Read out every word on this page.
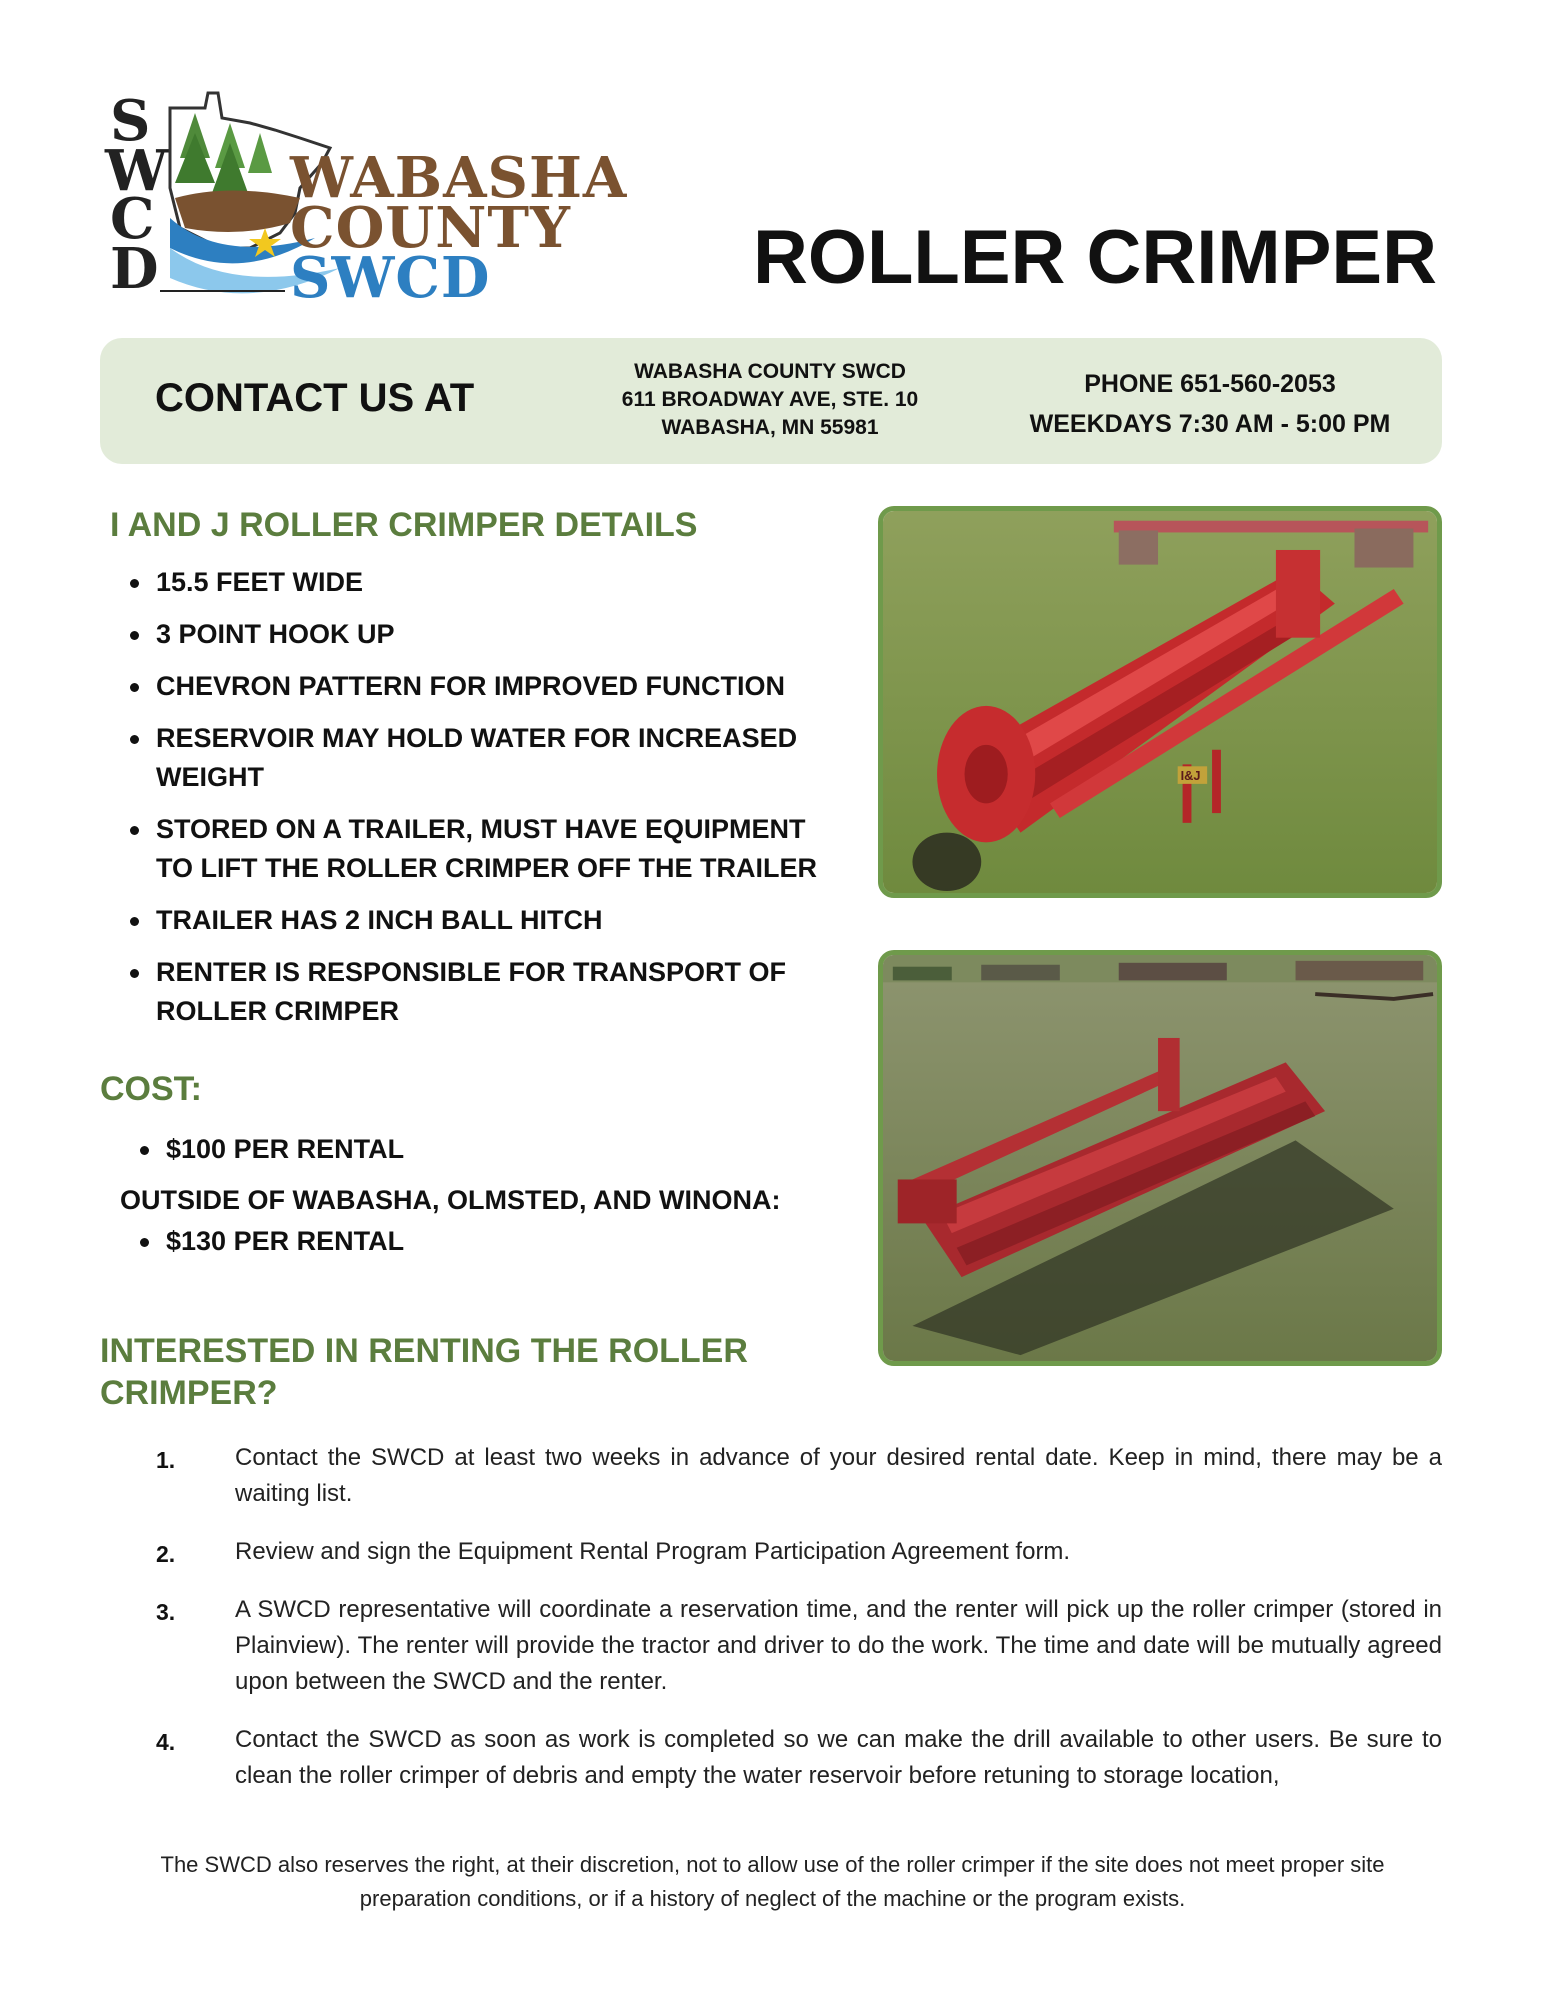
S
W
C
D
WABASHA
COUNTY
SWCD	ROLLER CRIMPER
CONTACT US AT
WABASHA COUNTY SWCD
611 BROADWAY AVE, STE. 10
WABASHA, MN 55981
PHONE 651-560-2053
WEEKDAYS 7:30 AM - 5:00 PM
I AND J ROLLER CRIMPER DETAILS
15.5 FEET WIDE
3 POINT HOOK UP
CHEVRON PATTERN FOR IMPROVED FUNCTION
RESERVOIR MAY HOLD WATER FOR INCREASED WEIGHT
STORED ON A TRAILER, MUST HAVE EQUIPMENT TO LIFT THE ROLLER CRIMPER OFF THE TRAILER
TRAILER HAS 2 INCH BALL HITCH
RENTER IS RESPONSIBLE FOR TRANSPORT OF ROLLER CRIMPER
COST:
$100 PER RENTAL
OUTSIDE OF WABASHA, OLMSTED, AND WINONA:
$130 PER RENTAL
INTERESTED IN RENTING THE ROLLER CRIMPER?
1. Contact the SWCD at least two weeks in advance of your desired rental date. Keep in mind, there may be a waiting list.
2. Review and sign the Equipment Rental Program Participation Agreement form.
3. A SWCD representative will coordinate a reservation time, and the renter will pick up the roller crimper (stored in Plainview). The renter will provide the tractor and driver to do the work. The time and date will be mutually agreed upon between the SWCD and the renter.
4. Contact the SWCD as soon as work is completed so we can make the drill available to other users. Be sure to clean the roller crimper of debris and empty the water reservoir before retuning to storage location,
The SWCD also reserves the right, at their discretion, not to allow use of the roller crimper if the site does not meet proper site preparation conditions, or if a history of neglect of the machine or the program exists.
I&J
